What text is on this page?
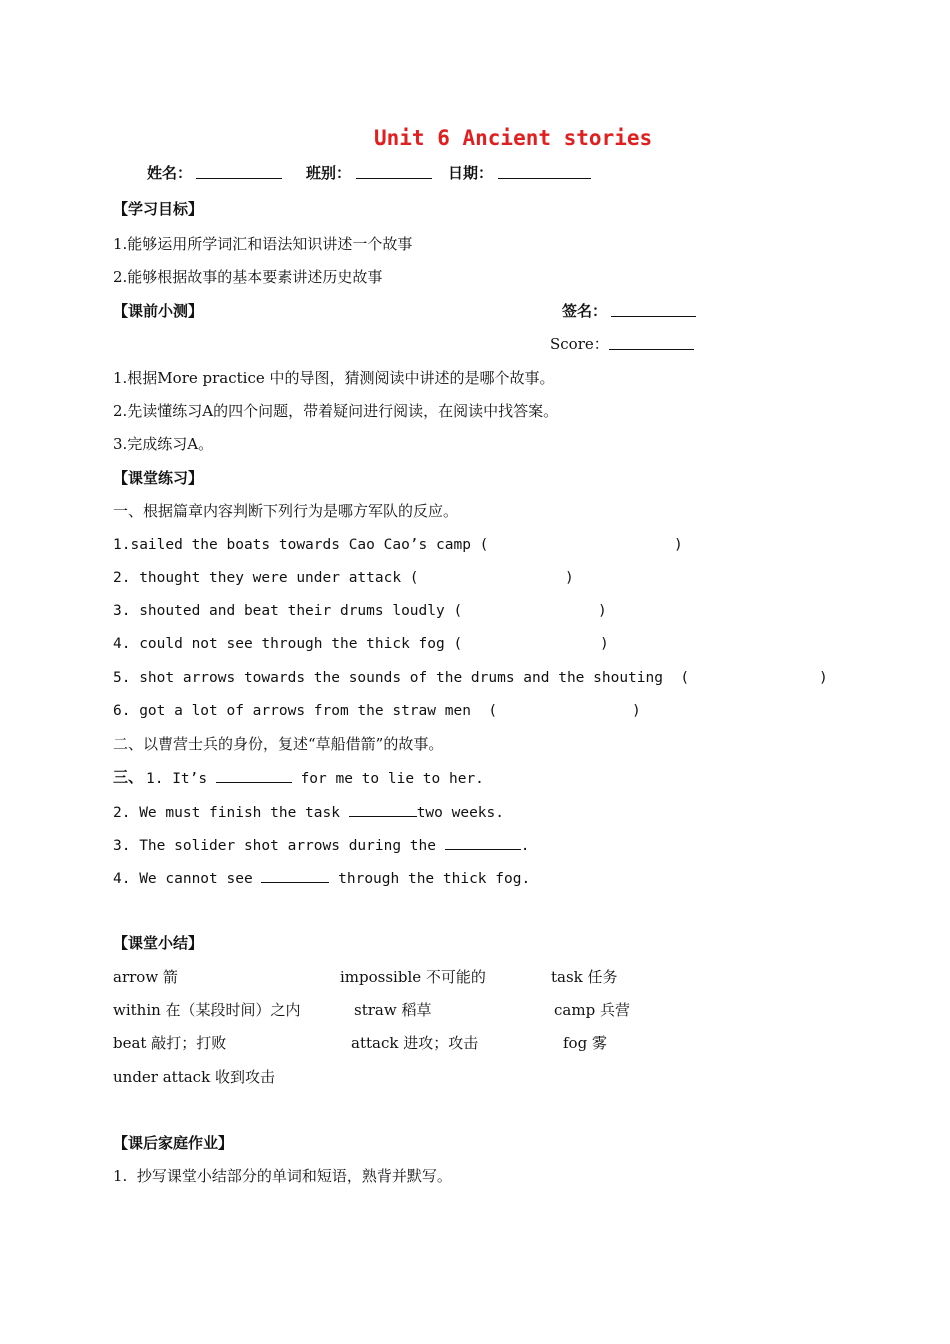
Unit 6 Ancient stories
姓名：	班别：	日期：
【学习目标】
1.能够运用所学词汇和语法知识讲述一个故事
2.能够根据故事的基本要素讲述历史故事
【课前小测】	签名：
Score：
1.根据More practice 中的导图，猜测阅读中讲述的是哪个故事。
2.先读懂练习A的四个问题，带着疑问进行阅读，在阅读中找答案。
3.完成练习A。
【课堂练习】
一、根据篇章内容判断下列行为是哪方军队的反应。
1.sailed the boats towards Cao Cao’s camp (	)
2. thought they were under attack (	)
3. shouted and beat their drums loudly (	)
4. could not see through the thick fog (	)
5. shot arrows towards the sounds of the drums and the shouting  (	)
6. got a lot of arrows from the straw men  (	)
二、以曹营士兵的身份，复述“草船借箭”的故事。
三、 1. It’s	for me to lie to her.
2. We must finish the task	two weeks.
3. The solider shot arrows during the	.
4. We cannot see	through the thick fog.
【课堂小结】
arrow 箭	impossible 不可能的	task 任务
within 在（某段时间）之内	straw 稻草	camp 兵营
beat 敲打；打败	attack 进攻；攻击	fog 雾
under attack 收到攻击
【课后家庭作业】
1.  抄写课堂小结部分的单词和短语，熟背并默写。
